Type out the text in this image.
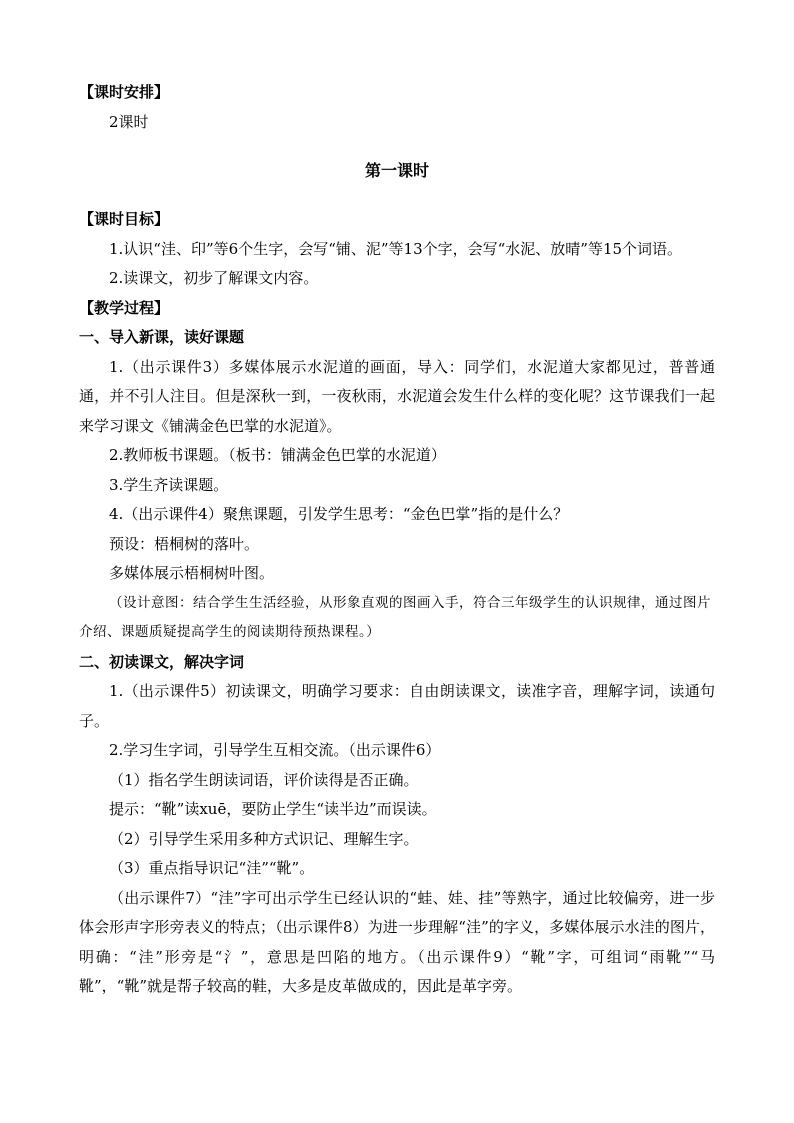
【课时安排】

2课时

第一课时

【课时目标】

1.认识“洼、印”等6个生字，会写“铺、泥”等13个字，会写“水泥、放晴”等15个词语。

2.读课文，初步了解课文内容。

【教学过程】

一、导入新课，读好课题

1.（出示课件3）多媒体展示水泥道的画面，导入：同学们，水泥道大家都见过，普普通通，并不引人注目。但是深秋一到，一夜秋雨，水泥道会发生什么样的变化呢？这节课我们一起来学习课文《铺满金色巴掌的水泥道》。

2.教师板书课题。（板书：铺满金色巴掌的水泥道）

3.学生齐读课题。

4.（出示课件4）聚焦课题，引发学生思考：“金色巴掌”指的是什么？

预设：梧桐树的落叶。

多媒体展示梧桐树叶图。

（设计意图：结合学生生活经验，从形象直观的图画入手，符合三年级学生的认识规律，通过图片介绍、课题质疑提高学生的阅读期待预热课程。）

二、初读课文，解决字词

1.（出示课件5）初读课文，明确学习要求：自由朗读课文，读准字音，理解字词，读通句子。

2.学习生字词，引导学生互相交流。（出示课件6）

（1）指名学生朗读词语，评价读得是否正确。

提示：“靴”读xuē，要防止学生“读半边”而误读。

（2）引导学生采用多种方式识记、理解生字。

（3）重点指导识记“洼”“靴”。

（出示课件7）“洼”字可出示学生已经认识的“蛙、娃、挂”等熟字，通过比较偏旁，进一步体会形声字形旁表义的特点；（出示课件8）为进一步理解“洼”的字义，多媒体展示水洼的图片，明确：“洼”形旁是“氵”，意思是凹陷的地方。（出示课件9）“靴”字，可组词“雨靴”“马靴”，“靴”就是帮子较高的鞋，大多是皮革做成的，因此是革字旁。
